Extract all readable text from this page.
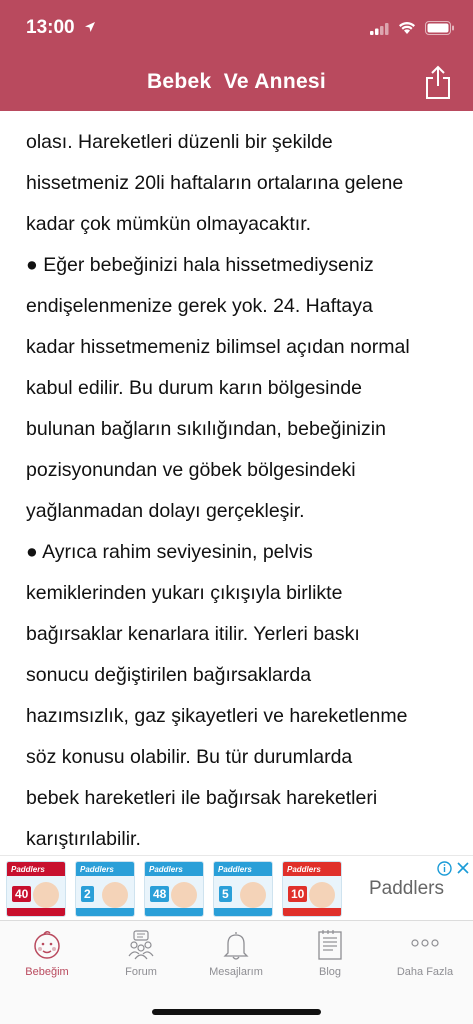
13:00
Bebek  Ve Annesi
olası. Hareketleri düzenli bir şekilde
hissetmeniz 20li haftaların ortalarına gelene
kadar çok mümkün olmayacaktır.
● Eğer bebeğinizi hala hissetmediyseniz
endişelenmenize gerek yok. 24. Haftaya
kadar hissetmemeniz bilimsel açıdan normal
kabul edilir. Bu durum karın bölgesinde
bulunan bağların sıkılığından, bebeğinizin
pozisyonundan ve göbek bölgesindeki
yağlanmadan dolayı gerçekleşir.
● Ayrıca rahim seviyesinin, pelvis
kemiklerinden yukarı çıkışıyla birlikte
bağırsaklar kenarlara itilir. Yerleri baskı
sonucu değiştirilen bağırsaklarda
hazımsızlık, gaz şikayetleri ve hareketlenme
söz konusu olabilir. Bu tür durumlarda
bebek hareketleri ile bağırsak hareketleri
karıştırılabilir.
Paddlers
40
Paddlers
2
Paddlers
48
Paddlers
5
Paddlers
10	Paddlers
Bebeğim	Forum	Mesajlarım	Blog	Daha Fazla
